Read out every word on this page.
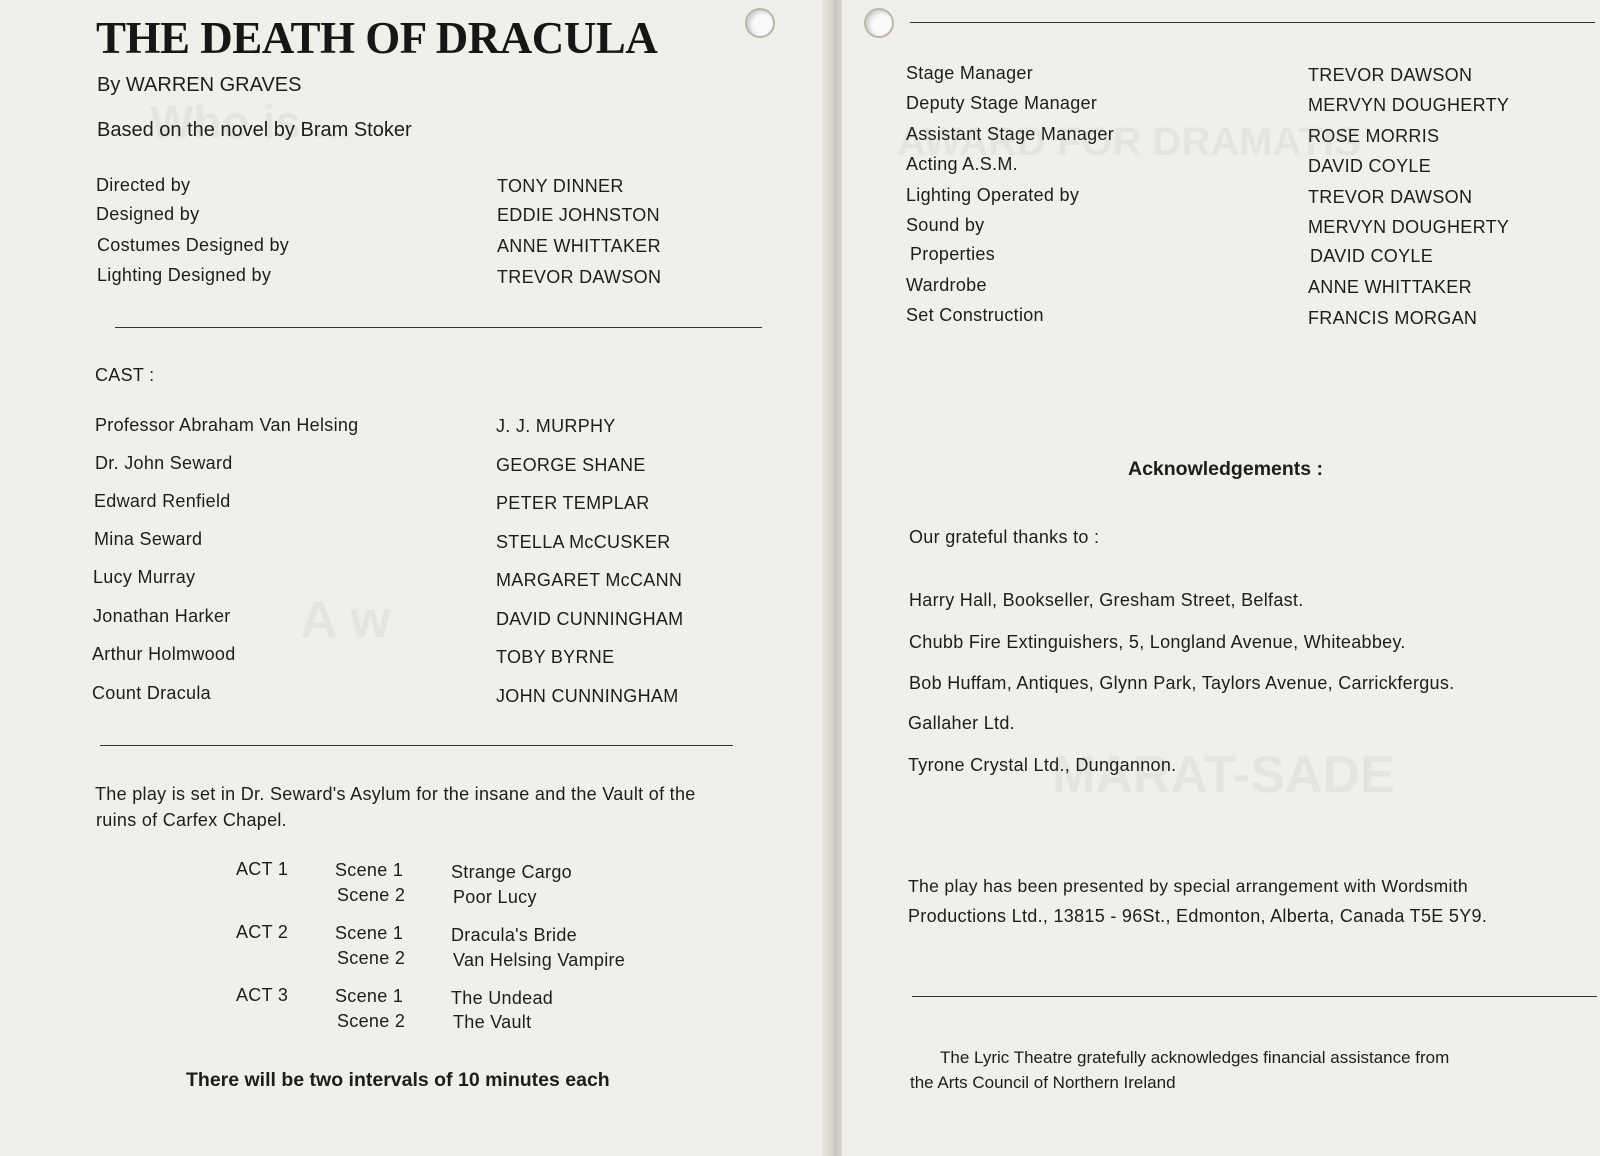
THE DEATH OF DRACULA
By WARREN GRAVES
Based on the novel by Bram Stoker
Directed by	TONY DINNER
Designed by	EDDIE JOHNSTON
Costumes Designed by	ANNE WHITTAKER
Lighting Designed by	TREVOR DAWSON
CAST :
Professor Abraham Van Helsing	J. J. MURPHY
Dr. John Seward	GEORGE SHANE
Edward Renfield	PETER TEMPLAR
Mina Seward	STELLA McCUSKER
Lucy Murray	MARGARET McCANN
Jonathan Harker	DAVID CUNNINGHAM
Arthur Holmwood	TOBY BYRNE
Count Dracula	JOHN CUNNINGHAM
The play is set in Dr. Seward's Asylum for the insane and the Vault of the
ruins of Carfex Chapel.
ACT 1	Scene 1	Strange Cargo
Scene 2	Poor Lucy
ACT 2	Scene 1	Dracula's Bride
Scene 2	Van Helsing Vampire
ACT 3	Scene 1	The Undead
Scene 2	The Vault
There will be two intervals of 10 minutes each
Stage Manager	TREVOR DAWSON
Deputy Stage Manager	MERVYN DOUGHERTY
Assistant Stage Manager	ROSE MORRIS
Acting A.S.M.	DAVID COYLE
Lighting Operated by	TREVOR DAWSON
Sound by	MERVYN DOUGHERTY
Properties	DAVID COYLE
Wardrobe	ANNE WHITTAKER
Set Construction	FRANCIS MORGAN
Acknowledgements :
Our grateful thanks to :
Harry Hall, Bookseller, Gresham Street, Belfast.
Chubb Fire Extinguishers, 5, Longland Avenue, Whiteabbey.
Bob Huffam, Antiques, Glynn Park, Taylors Avenue, Carrickfergus.
Gallaher Ltd.
Tyrone Crystal Ltd., Dungannon.
The play has been presented by special arrangement with Wordsmith
Productions Ltd., 13815 - 96St., Edmonton, Alberta, Canada T5E 5Y9.
The Lyric Theatre gratefully acknowledges financial assistance from
the Arts Council of Northern Ireland
